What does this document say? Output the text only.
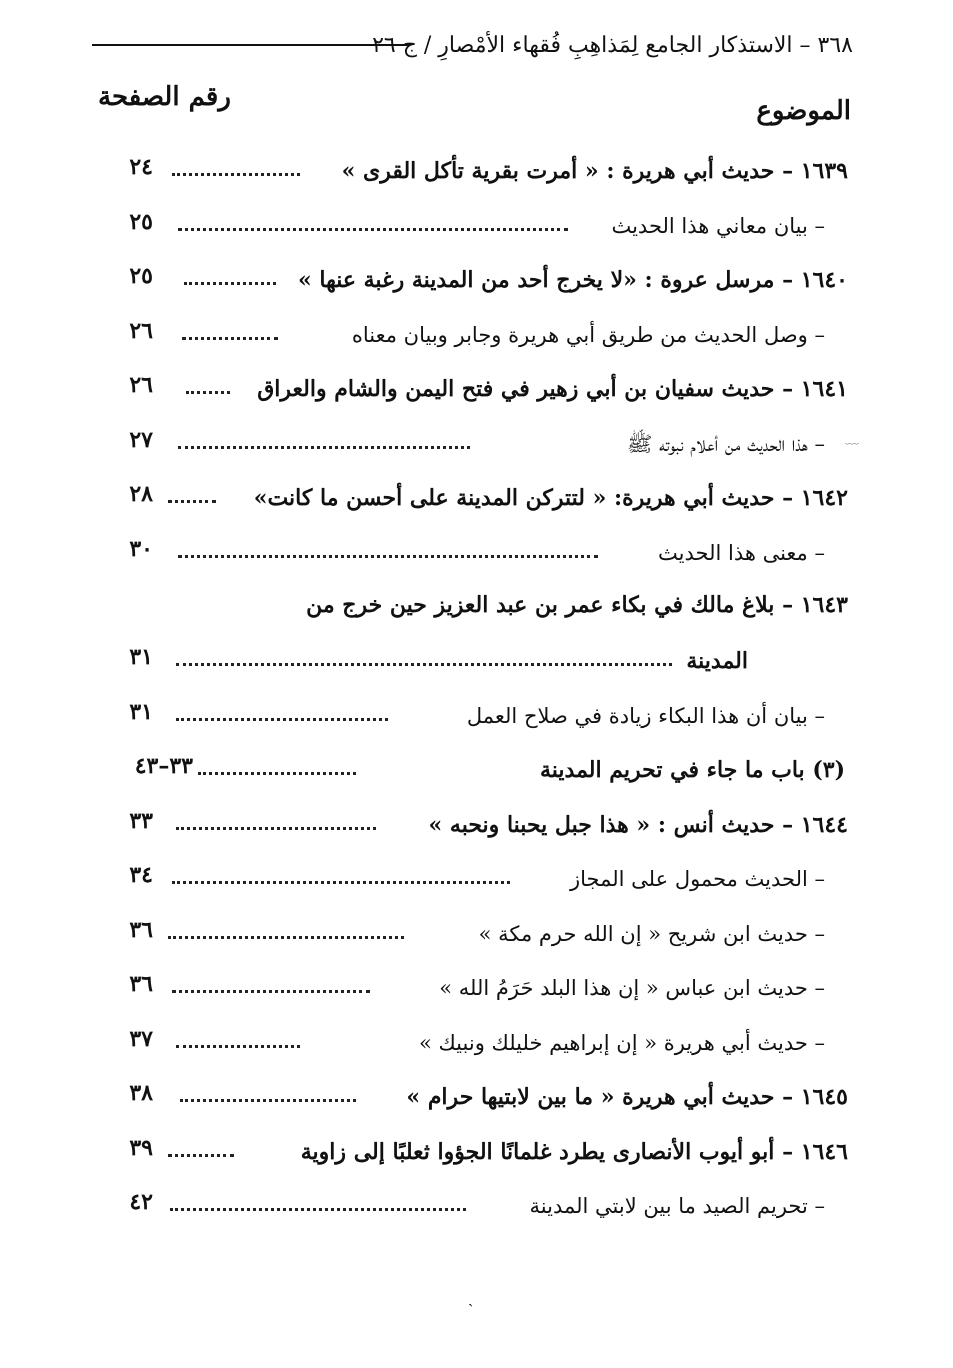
٣٦٨ – الاستذكار الجامع لِمَذاهِبِ فُقهاء الأمْصارِ / ج ٢٦
الموضوع
رقم الصفحة
١٦٣٩ – حديث أبي هريرة : « أمرت بقرية تأكل القرى »
٢٤
– بيان معاني هذا الحديث
٢٥
١٦٤٠ – مرسل عروة : «لا يخرج أحد من المدينة رغبة عنها »
٢٥
– وصل الحديث من طريق أبي هريرة وجابر وبيان معناه
٢٦
١٦٤١ – حديث سفيان بن أبي زهير في فتح اليمن والشام والعراق
٢٦
– هذا الحديث من أعلام نبوته ﷺ
٢٧
١٦٤٢ – حديث أبي هريرة: « لتتركن المدينة على أحسن ما كانت»
٢٨
– معنى هذا الحديث
٣٠
١٦٤٣ – بلاغ مالك في بكاء عمر بن عبد العزيز حين خرج من
المدينة
٣١
– بيان أن هذا البكاء زيادة في صلاح العمل
٣١
(٣) باب ما جاء في تحريم المدينة
٣٣–٤٣
١٦٤٤ – حديث أنس : « هذا جبل يحبنا ونحبه »
٣٣
– الحديث محمول على المجاز
٣٤
– حديث ابن شريح « إن الله حرم مكة »
٣٦
– حديث ابن عباس « إن هذا البلد حَرَمُ الله »
٣٦
– حديث أبي هريرة « إن إبراهيم خليلك ونبيك »
٣٧
١٦٤٥ – حديث أبي هريرة « ما بين لابتيها حرام »
٣٨
١٦٤٦ – أبو أيوب الأنصارى يطرد غلمانًا الجؤوا ثعلبًا إلى زاوية
٣٩
– تحريم الصيد ما بين لابتي المدينة
٤٢
ˎ
﹏
